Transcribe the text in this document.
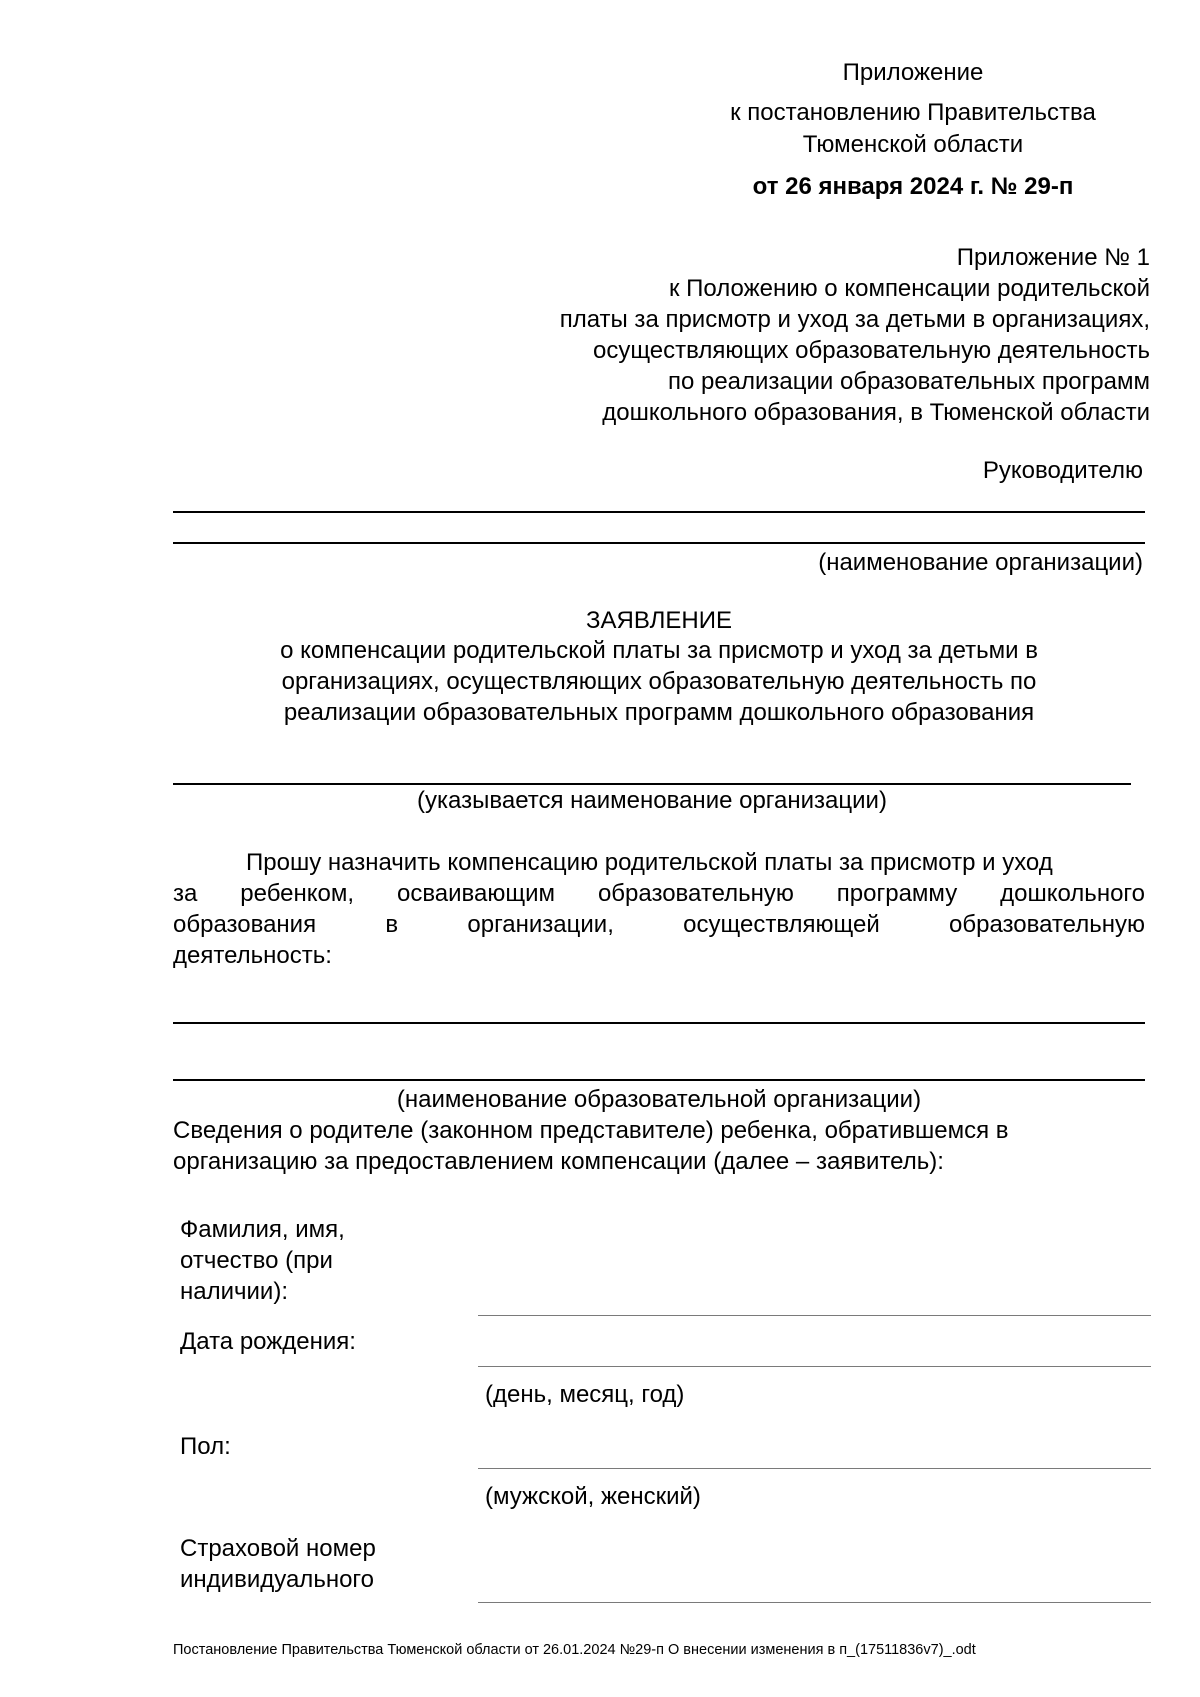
Приложение

к постановлению Правительства

Тюменской области

от 26 января 2024 г. № 29-п

Приложение № 1

к Положению о компенсации родительской

платы за присмотр и уход за детьми в организациях,

осуществляющих образовательную деятельность

по реализации образовательных программ

дошкольного образования, в Тюменской области

Руководителю

(наименование организации)

ЗАЯВЛЕНИЕ

о компенсации родительской платы за присмотр и уход за детьми в

организациях, осуществляющих образовательную деятельность по

реализации образовательных программ дошкольного образования

(указывается наименование организации)

Прошу назначить компенсацию родительской платы за присмотр и уход

за ребенком, осваивающим образовательную программу дошкольного
образования	в	организации,	осуществляющей	образовательную

деятельность:

(наименование образовательной организации)

Сведения о родителе (законном представителе) ребенка, обратившемся в

организацию за предоставлением компенсации (далее – заявитель):

Фамилия, имя,

отчество (при

наличии):

Дата рождения:

(день, месяц, год)

Пол:

(мужской, женский)

Страховой номер

индивидуального

Постановление Правительства Тюменской области от 26.01.2024 №29-п О внесении изменения в п_(17511836v7)_.odt
